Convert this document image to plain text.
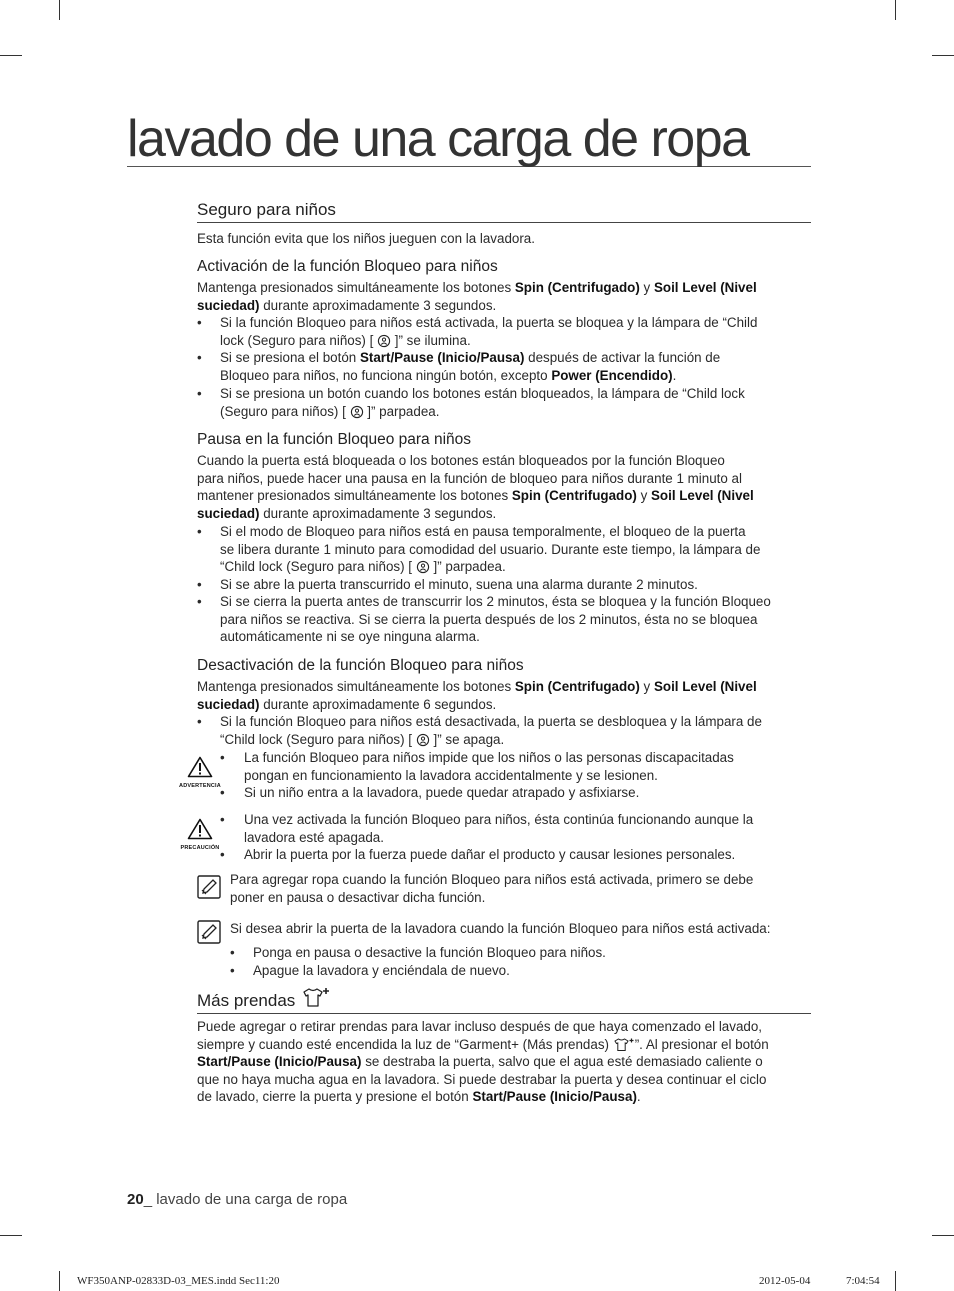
lavado de una carga de ropa
Seguro para niños
Esta función evita que los niños jueguen con la lavadora.
Activación de la función Bloqueo para niños
Mantenga presionados simultáneamente los botones Spin (Centrifugado) y Soil Level (Nivel
suciedad) durante aproximadamente 3 segundos.
• Si la función Bloqueo para niños está activada, la puerta se bloquea y la lámpara de “Child
lock (Seguro para niños) [  ]” se ilumina.
• Si se presiona el botón Start/Pause (Inicio/Pausa) después de activar la función de
Bloqueo para niños, no funciona ningún botón, excepto Power (Encendido).
• Si se presiona un botón cuando los botones están bloqueados, la lámpara de “Child lock
(Seguro para niños) [  ]” parpadea.
Pausa en la función Bloqueo para niños
Cuando la puerta está bloqueada o los botones están bloqueados por la función Bloqueo
para niños, puede hacer una pausa en la función de bloqueo para niños durante 1 minuto al
mantener presionados simultáneamente los botones Spin (Centrifugado) y Soil Level (Nivel
suciedad) durante aproximadamente 3 segundos.
• Si el modo de Bloqueo para niños está en pausa temporalmente, el bloqueo de la puerta
se libera durante 1 minuto para comodidad del usuario. Durante este tiempo, la lámpara de
“Child lock (Seguro para niños) [  ]” parpadea.
• Si se abre la puerta transcurrido el minuto, suena una alarma durante 2 minutos.
• Si se cierra la puerta antes de transcurrir los 2 minutos, ésta se bloquea y la función Bloqueo
para niños se reactiva. Si se cierra la puerta después de los 2 minutos, ésta no se bloquea
automáticamente ni se oye ninguna alarma.
Desactivación de la función Bloqueo para niños
Mantenga presionados simultáneamente los botones Spin (Centrifugado) y Soil Level (Nivel
suciedad) durante aproximadamente 6 segundos.
• Si la función Bloqueo para niños está desactivada, la puerta se desbloquea y la lámpara de
“Child lock (Seguro para niños) [  ]” se apaga.
ADVERTENCIA
• La función Bloqueo para niños impide que los niños o las personas discapacitadas
pongan en funcionamiento la lavadora accidentalmente y se lesionen.
• Si un niño entra a la lavadora, puede quedar atrapado y asfixiarse.
PRECAUCIÓN
• Una vez activada la función Bloqueo para niños, ésta continúa funcionando aunque la
lavadora esté apagada.
• Abrir la puerta por la fuerza puede dañar el producto y causar lesiones personales.
Para agregar ropa cuando la función Bloqueo para niños está activada, primero se debe
poner en pausa o desactivar dicha función.
Si desea abrir la puerta de la lavadora cuando la función Bloqueo para niños está activada:
• Ponga en pausa o desactive la función Bloqueo para niños.
• Apague la lavadora y enciéndala de nuevo.
Más prendas
Puede agregar o retirar prendas para lavar incluso después de que haya comenzado el lavado,
siempre y cuando esté encendida la luz de “Garment+ (Más prendas) ”. Al presionar el botón
Start/Pause (Inicio/Pausa) se destraba la puerta, salvo que el agua esté demasiado caliente o
que no haya mucha agua en la lavadora. Si puede destrabar la puerta y desea continuar el ciclo
de lavado, cierre la puerta y presione el botón Start/Pause (Inicio/Pausa).
20_ lavado de una carga de ropa
WF350ANP-02833D-03_MES.indd Sec11:20	2012-05-04	7:04:54
